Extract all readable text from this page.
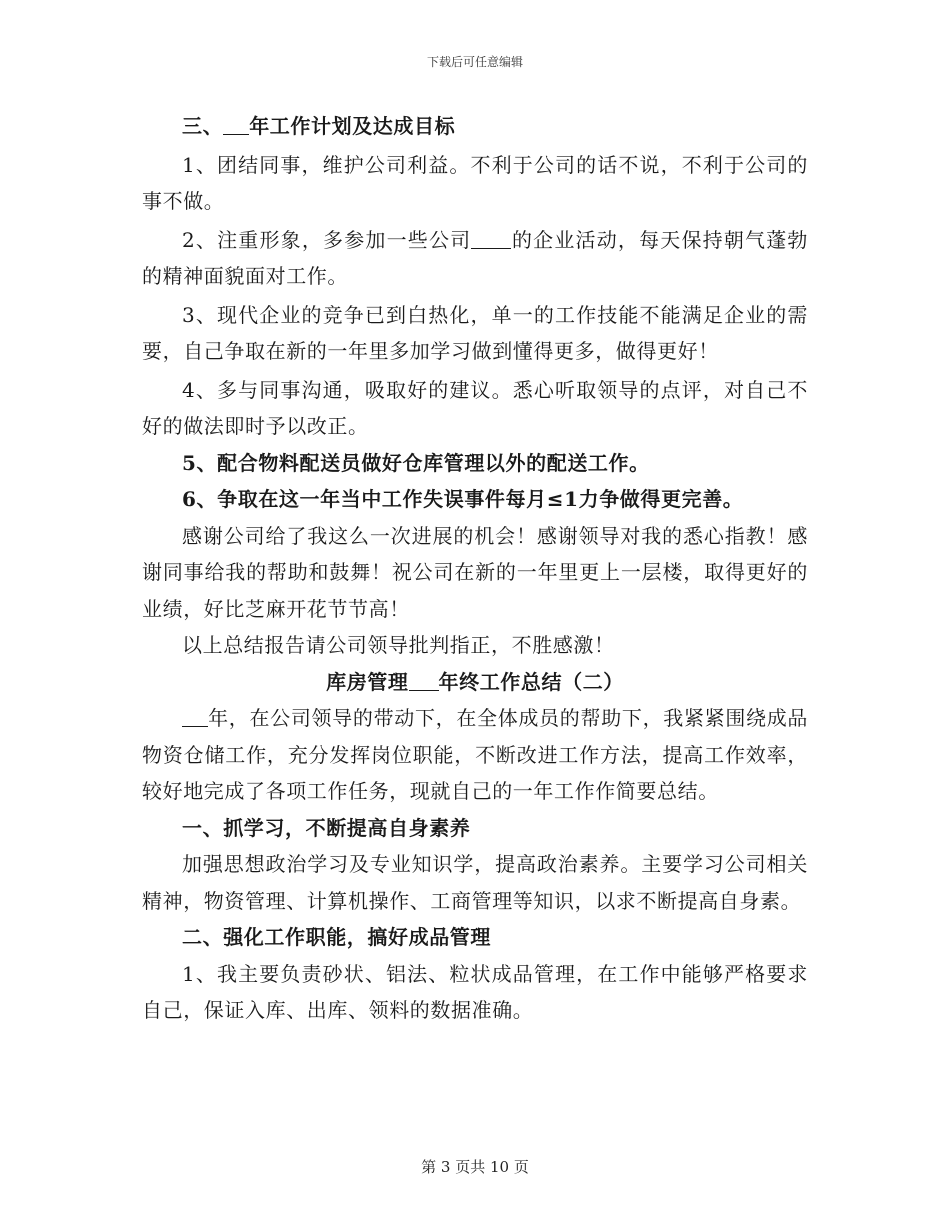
下载后可任意编辑

三、 年工作计划及达成目标

1、团结同事，维护公司利益。不利于公司的话不说，不利于公司的事不做。

2、注重形象，多参加一些公司 的企业活动，每天保持朝气蓬勃的精神面貌面对工作。

3、现代企业的竞争已到白热化，单一的工作技能不能满足企业的需要，自己争取在新的一年里多加学习做到懂得更多，做得更好！

4、多与同事沟通，吸取好的建议。悉心听取领导的点评，对自己不好的做法即时予以改正。

5、配合物料配送员做好仓库管理以外的配送工作。

6、争取在这一年当中工作失误事件每月≤1力争做得更完善。

感谢公司给了我这么一次进展的机会！感谢领导对我的悉心指教！感谢同事给我的帮助和鼓舞！祝公司在新的一年里更上一层楼，取得更好的业绩，好比芝麻开花节节高！

以上总结报告请公司领导批判指正，不胜感激！

库房管理 年终工作总结（二）

年，在公司领导的带动下，在全体成员的帮助下，我紧紧围绕成品物资仓储工作，充分发挥岗位职能，不断改进工作方法，提高工作效率，较好地完成了各项工作任务，现就自己的一年工作作简要总结。

一、抓学习，不断提高自身素养

加强思想政治学习及专业知识学，提高政治素养。主要学习公司相关精神，物资管理、计算机操作、工商管理等知识，以求不断提高自身素。

二、强化工作职能，搞好成品管理

1、我主要负责砂状、铝法、粒状成品管理，在工作中能够严格要求自己，保证入库、出库、领料的数据准确。

第 3 页共 10 页
